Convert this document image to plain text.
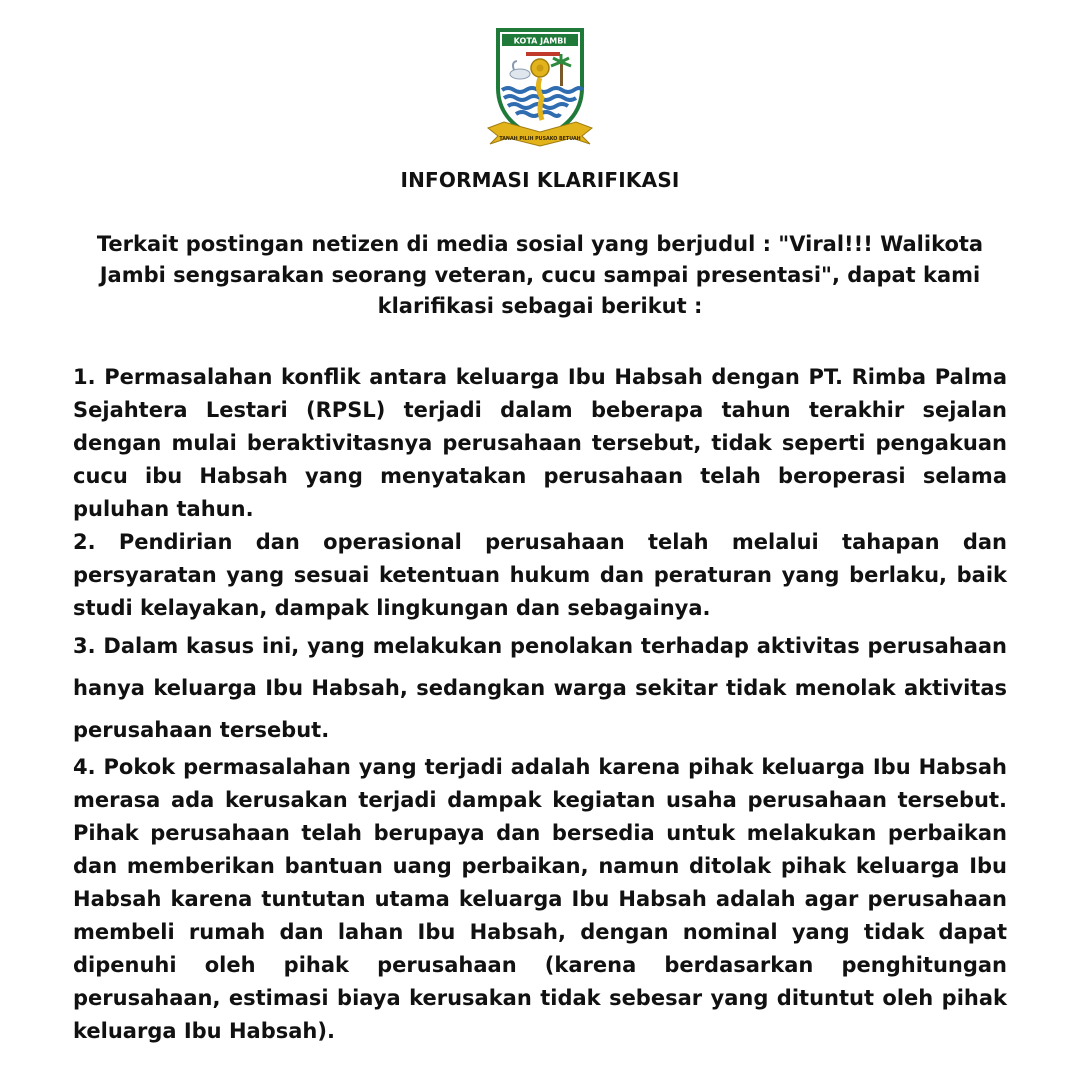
KOTA JAMBI
TANAH PILIH PUSAKO BETUAH
INFORMASI KLARIFIKASI
Terkait postingan netizen di media sosial yang berjudul : "Viral!!! Walikota Jambi sengsarakan seorang veteran, cucu sampai presentasi", dapat kami klarifikasi sebagai berikut :

1. Permasalahan konflik antara keluarga Ibu Habsah dengan PT. Rimba Palma Sejahtera Lestari (RPSL) terjadi dalam beberapa tahun terakhir sejalan dengan mulai beraktivitasnya perusahaan tersebut, tidak seperti pengakuan cucu ibu Habsah yang menyatakan perusahaan telah beroperasi selama puluhan tahun.

2. Pendirian dan operasional perusahaan telah melalui tahapan dan persyaratan yang sesuai ketentuan hukum dan peraturan yang berlaku, baik studi kelayakan, dampak lingkungan dan sebagainya.

3. Dalam kasus ini, yang melakukan penolakan terhadap aktivitas perusahaan hanya keluarga Ibu Habsah, sedangkan warga sekitar tidak menolak aktivitas perusahaan tersebut.

4. Pokok permasalahan yang terjadi adalah karena pihak keluarga Ibu Habsah merasa ada kerusakan terjadi dampak kegiatan usaha perusahaan tersebut. Pihak perusahaan telah berupaya dan bersedia untuk melakukan perbaikan dan memberikan bantuan uang perbaikan, namun ditolak pihak keluarga Ibu Habsah karena tuntutan utama keluarga Ibu Habsah adalah agar perusahaan membeli rumah dan lahan Ibu Habsah, dengan nominal yang tidak dapat dipenuhi oleh pihak perusahaan (karena berdasarkan penghitungan perusahaan, estimasi biaya kerusakan tidak sebesar yang dituntut oleh pihak keluarga Ibu Habsah).
